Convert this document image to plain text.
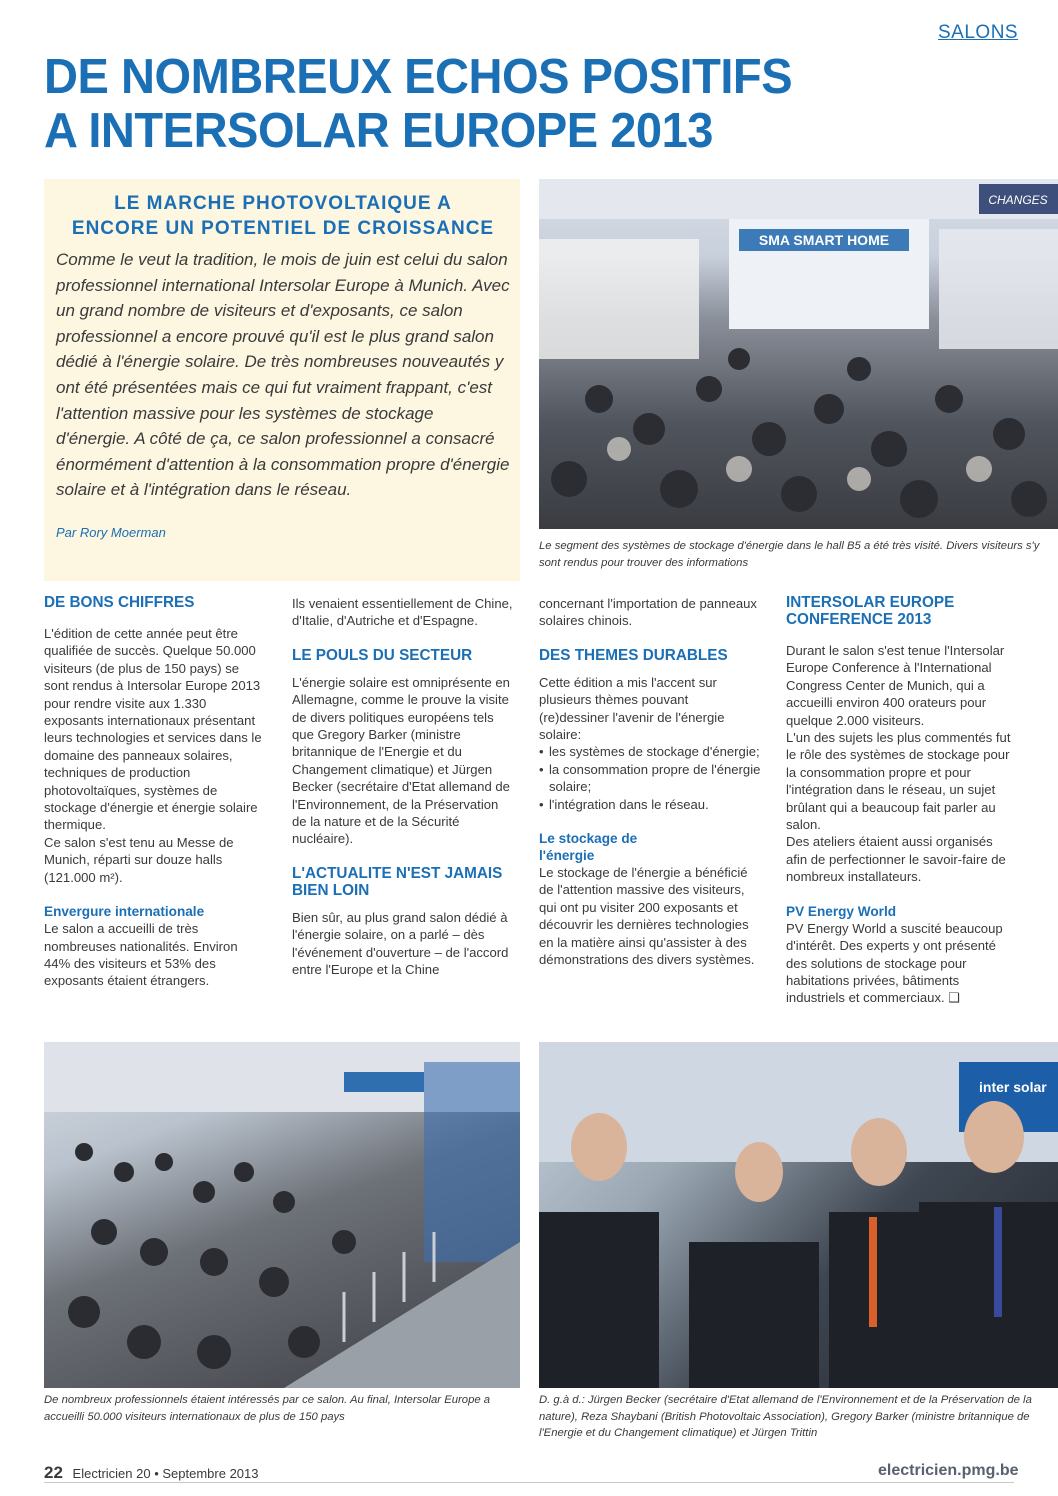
SALONS
DE NOMBREUX ECHOS POSITIFS
A INTERSOLAR EUROPE 2013
LE MARCHE PHOTOVOLTAIQUE A
ENCORE UN POTENTIEL DE CROISSANCE

Comme le veut la tradition, le mois de juin est celui du salon professionnel international Intersolar Europe à Munich. Avec un grand nombre de visiteurs et d'exposants, ce salon professionnel a encore prouvé qu'il est le plus grand salon dédié à l'énergie solaire. De très nombreuses nouveautés y ont été présentées mais ce qui fut vraiment frappant, c'est l'attention massive pour les systèmes de stockage d'énergie. A côté de ça, ce salon professionnel a consacré énormément d'attention à la consommation propre d'énergie solaire et à l'intégration dans le réseau.

Par Rory Moerman

SMA SMART HOME
CHANGES

Le segment des systèmes de stockage d'énergie dans le hall B5 a été très visité. Divers visiteurs s'y sont rendus pour trouver des informations

DE BONS CHIFFRES

L'édition de cette année peut être qualifiée de succès. Quelque 50.000 visiteurs (de plus de 150 pays) se sont rendus à Intersolar Europe 2013 pour rendre visite aux 1.330 exposants internationaux présentant leurs technologies et services dans le domaine des panneaux solaires, techniques de production photovoltaïques, systèmes de stockage d'énergie et énergie solaire thermique.

Ce salon s'est tenu au Messe de Munich, réparti sur douze halls (121.000 m²).

Envergure internationale

Le salon a accueilli de très nombreuses nationalités. Environ 44% des visiteurs et 53% des exposants étaient étrangers.

Ils venaient essentiellement de Chine, d'Italie, d'Autriche et d'Espagne.

LE POULS DU SECTEUR

L'énergie solaire est omniprésente en Allemagne, comme le prouve la visite de divers politiques européens tels que Gregory Barker (ministre britannique de l'Energie et du Changement climatique) et Jürgen Becker (secrétaire d'Etat allemand de l'Environnement, de la Préservation de la nature et de la Sécurité nucléaire).

L'ACTUALITE N'EST JAMAIS BIEN LOIN

Bien sûr, au plus grand salon dédié à l'énergie solaire, on a parlé – dès l'événement d'ouverture – de l'accord entre l'Europe et la Chine

concernant l'importation de panneaux solaires chinois.

DES THEMES DURABLES

Cette édition a mis l'accent sur plusieurs thèmes pouvant (re)dessiner l'avenir de l'énergie solaire:

• les systèmes de stockage d'énergie;
• la consommation propre de l'énergie solaire;
• l'intégration dans le réseau.
Le stockage de l'énergie

Le stockage de l'énergie a bénéficié de l'attention massive des visiteurs, qui ont pu visiter 200 exposants et découvrir les dernières technologies en la matière ainsi qu'assister à des démonstrations des divers systèmes.

INTERSOLAR EUROPE CONFERENCE 2013

Durant le salon s'est tenue l'Intersolar Europe Conference à l'International Congress Center de Munich, qui a accueilli environ 400 orateurs pour quelque 2.000 visiteurs.

L'un des sujets les plus commentés fut le rôle des systèmes de stockage pour la consommation propre et pour l'intégration dans le réseau, un sujet brûlant qui a beaucoup fait parler au salon.

Des ateliers étaient aussi organisés afin de perfectionner le savoir-faire de nombreux installateurs.

PV Energy World

PV Energy World a suscité beaucoup d'intérêt. Des experts y ont présenté des solutions de stockage pour habitations privées, bâtiments industriels et commerciaux. ❑

De nombreux professionnels étaient intéressés par ce salon. Au final, Intersolar Europe a accueilli 50.000 visiteurs internationaux de plus de 150 pays

inter solar

D. g.à d.: Jürgen Becker (secrétaire d'Etat allemand de l'Environnement et de la Préservation de la nature), Reza Shaybani (British Photovoltaic Association), Gregory Barker (ministre britannique de l'Energie et du Changement climatique) et Jürgen Trittin

22 Electricien 20 • Septembre 2013	electricien.pmg.be
